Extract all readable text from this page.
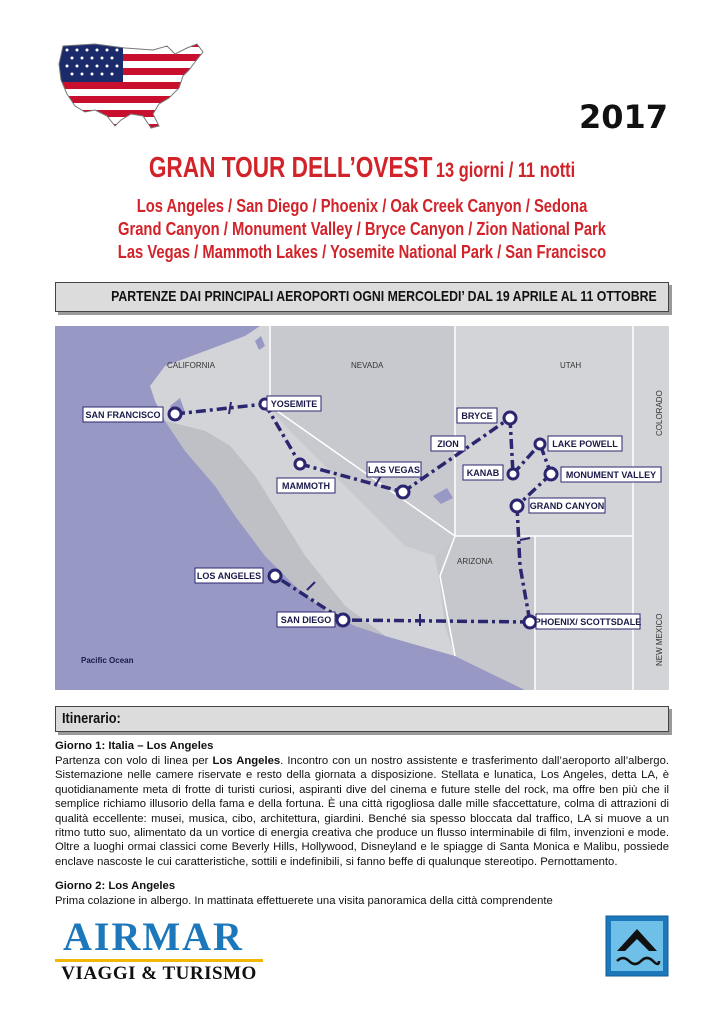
2017
GRAN TOUR DELL’OVEST 13 giorni / 11 notti
Los Angeles / San Diego / Phoenix / Oak Creek Canyon / Sedona
Grand Canyon / Monument Valley / Bryce Canyon / Zion National Park
Las Vegas / Mammoth Lakes / Yosemite National Park / San Francisco
PARTENZE DAI PRINCIPALI AEROPORTI OGNI MERCOLEDI’ DAL 19 APRILE AL 11 OTTOBRE
CALIFORNIA	NEVADA	UTAH
ARIZONA
COLORADO
NEW MEXICO
Pacific Ocean
SAN FRANCISCO
YOSEMITE
MAMMOTH
LAS VEGAS
ZION
BRYCE
KANAB
LAKE POWELL
MONUMENT VALLEY
GRAND CANYON
PHOENIX/ SCOTTSDALE
SAN DIEGO
LOS ANGELES
Itinerario:
Giorno 1: Italia – Los Angeles
Partenza con volo di linea per Los Angeles. Incontro con un nostro assistente e trasferimento dall’aeroporto all’albergo. Sistemazione nelle camere riservate e resto della giornata a disposizione. Stellata e lunatica, Los Angeles, detta LA, è quotidianamente meta di frotte di turisti curiosi, aspiranti dive del cinema e future stelle del rock, ma offre ben più che il semplice richiamo illusorio della fama e della fortuna. È una città rigogliosa dalle mille sfaccettature, colma di attrazioni di qualità eccellente: musei, musica, cibo, architettura, giardini. Benché sia spesso bloccata dal traffico, LA si muove a un ritmo tutto suo, alimentato da un vortice di energia creativa che produce un flusso interminabile di film, invenzioni e mode. Oltre a luoghi ormai classici come Beverly Hills, Hollywood, Disneyland e le spiagge di Santa Monica e Malibu, possiede enclave nascoste le cui caratteristiche, sottili e indefinibili, si fanno beffe di qualunque stereotipo. Pernottamento.
Giorno 2: Los Angeles
Prima colazione in albergo. In mattinata effettuerete una visita panoramica della città comprendente
AIRMAR
VIAGGI & TURISMO
